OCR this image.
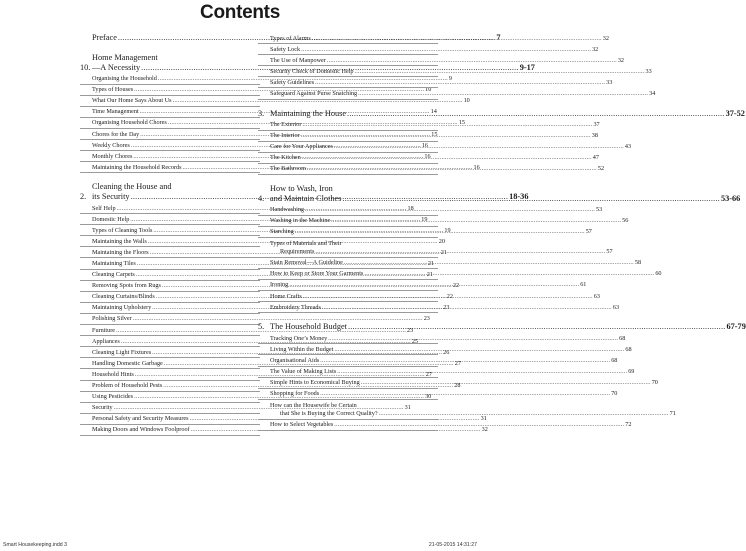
Contents
Preface .....	7
10.
Home Management
—A Necessity .....	9-17
Organising the Household .....	9
Types of Houses .....	10
What Our Home Says About Us .....	10
Time Management .....	14
Organising Household Chores .....	15
Chores for the Day .....	15
Weekly Chores .....	16
Monthly Chores .....	16
Maintaining the Household Records .....	16
2.
Cleaning the House and
its Security .....	18-36
Self Help .....	18
Domestic Help .....	19
Types of Cleaning Tools .....	19
Maintaining the Walls .....	20
Maintaining the Floors .....	21
Maintaining Tiles .....	21
Cleaning Carpets .....	21
Removing Spots from Rugs .....	22
Cleaning Curtains/Blinds .....	22
Maintaining Upholstery .....	23
Polishing Silver .....	23
Furniture .....	23
Appliances .....	25
Cleaning Light Fixtures .....	26
Handling Domestic Garbage .....	27
Household Hints .....	27
Problem of Household Pests .....	28
Using Pesticides .....	30
Security .....	31
Personal Safety and Security Measures .....	31
Making Doors and Windows Foolproof .....	32
Types of Alarms .....	32
Safety Lock .....	32
The Use of Manpower .....	32
Security Check of Domestic Help .....	33
Safety Guidelines .....	33
Safeguard Against Purse Snatching .....	34
3. Maintaining the House .....	37-52
The Exterior .....	37
The Interior .....	38
Care for Your Appliances .....	43
The Kitchen .....	47
The Bathroom .....	52
4.
How to Wash, Iron
and Maintain Clothes .....	53-66
Handwashing .....	53
Washing in the Machine .....	56
Starching .....	57
Types of Materials and Their
Requirements .....	57
Stain Removal—A Guideline .....	58
How to Keep or Store Your Garments .....	60
Ironing .....	61
Home Crafts .....	63
Embroidery Threads .....	63
5. The Household Budget .....	67-79
Tracking One’s Money .....	68
Living Within the Budget .....	68
Organisational Aids .....	68
The Value of Making Lists .....	69
Simple Hints to Economical Buying .....	70
Shopping for Foods .....	70
How can the Housewife be Certain
that She is Buying the Correct Quality? .....	71
How to Select Vegetables .....	72
Smart Housekeeping.indd 3	21-05-2015 14:31:27
